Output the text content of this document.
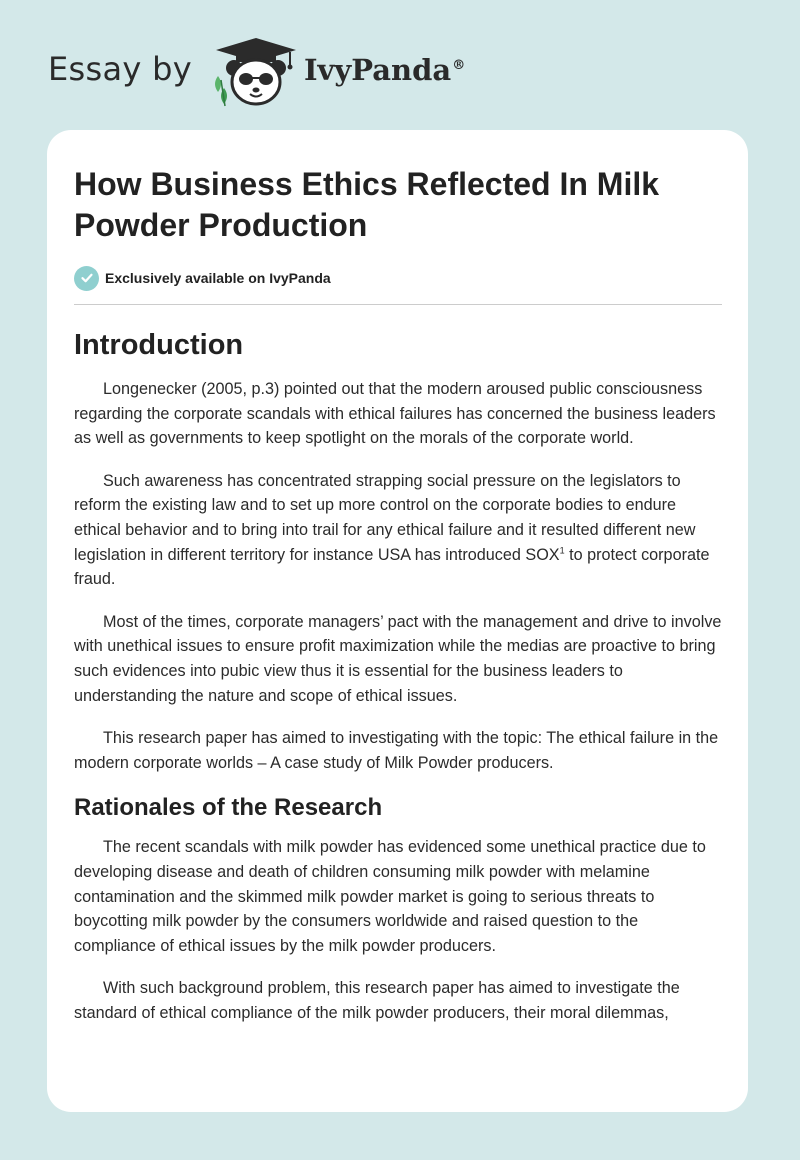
Essay by	IvyPanda®
How Business Ethics Reflected In Milk Powder Production
Exclusively available on IvyPanda
Introduction

Longenecker (2005, p.3) pointed out that the modern aroused public consciousness regarding the corporate scandals with ethical failures has concerned the business leaders as well as governments to keep spotlight on the morals of the corporate world.

Such awareness has concentrated strapping social pressure on the legislators to reform the existing law and to set up more control on the corporate bodies to endure ethical behavior and to bring into trail for any ethical failure and it resulted different new legislation in different territory for instance USA has introduced SOX$^1$ to protect corporate fraud.

Most of the times, corporate managers’ pact with the management and drive to involve with unethical issues to ensure profit maximization while the medias are proactive to bring such evidences into pubic view thus it is essential for the business leaders to understanding the nature and scope of ethical issues.

This research paper has aimed to investigating with the topic: The ethical failure in the modern corporate worlds – A case study of Milk Powder producers.

Rationales of the Research

The recent scandals with milk powder has evidenced some unethical practice due to developing disease and death of children consuming milk powder with melamine contamination and the skimmed milk powder market is going to serious threats to boycotting milk powder by the consumers worldwide and raised question to the compliance of ethical issues by the milk powder producers.

With such background problem, this research paper has aimed to investigate the standard of ethical compliance of the milk powder producers, their moral dilemmas,
